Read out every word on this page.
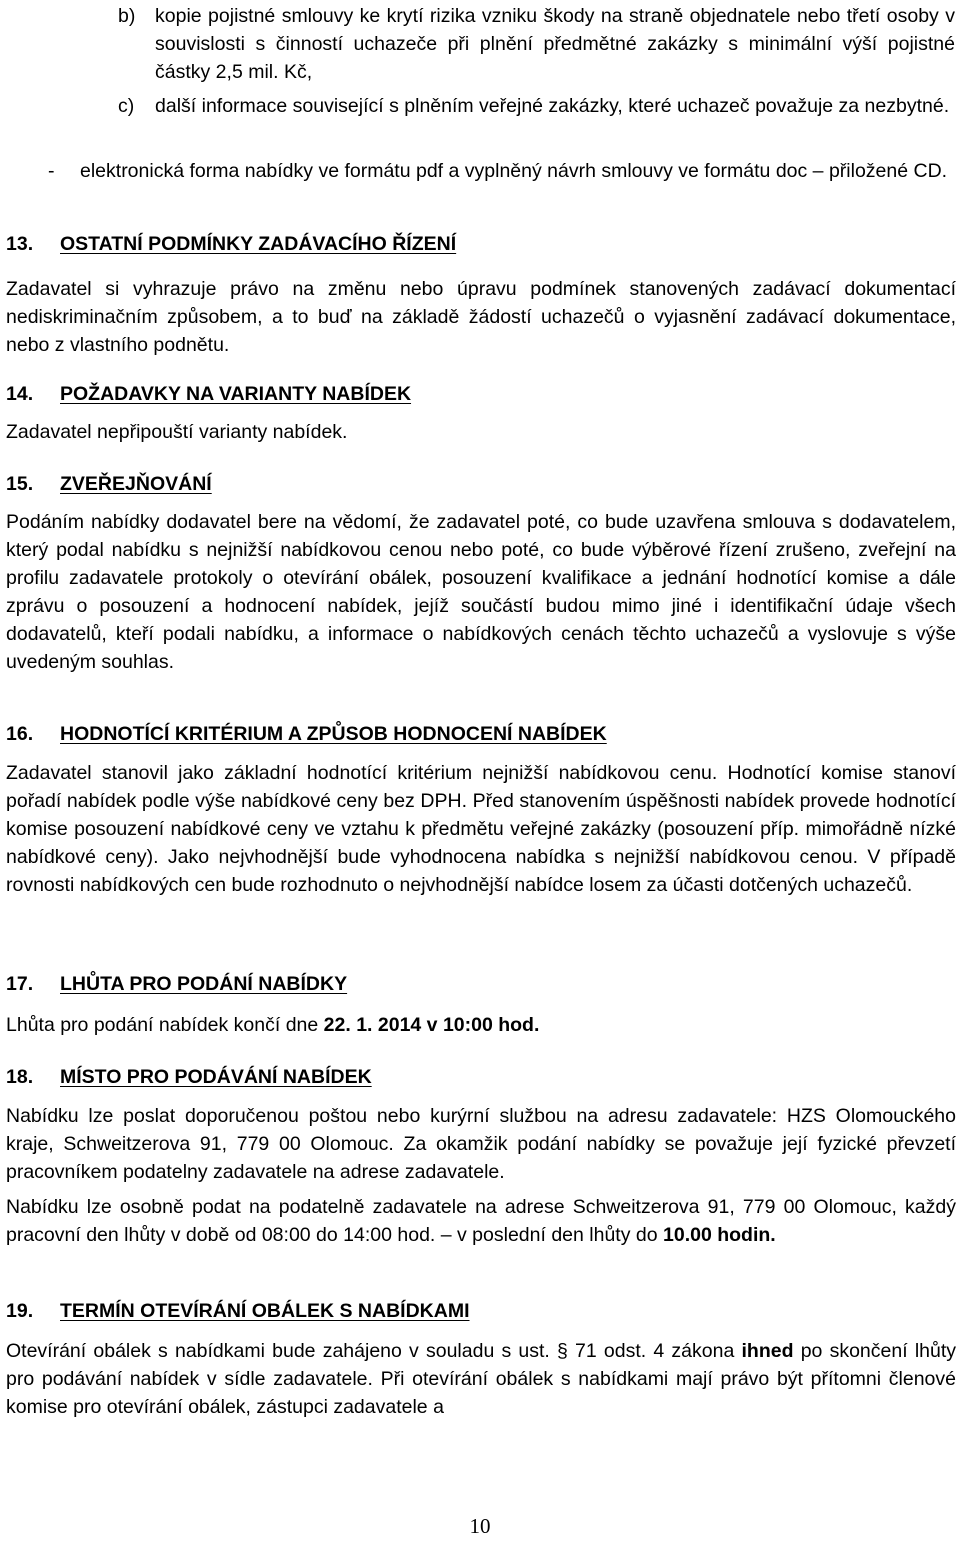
b) kopie pojistné smlouvy ke krytí rizika vzniku škody na straně objednatele nebo třetí osoby v souvislosti s činností uchazeče při plnění předmětné zakázky s minimální výší pojistné částky 2,5 mil. Kč,

c) další informace související s plněním veřejné zakázky, které uchazeč považuje za nezbytné.

- elektronická forma nabídky ve formátu pdf a vyplněný návrh smlouvy ve formátu doc – přiložené CD.

13. OSTATNÍ PODMÍNKY ZADÁVACÍHO ŘÍZENÍ

Zadavatel si vyhrazuje právo na změnu nebo úpravu podmínek stanovených zadávací dokumentací nediskriminačním způsobem, a to buď na základě žádostí uchazečů o vyjasnění zadávací dokumentace, nebo z vlastního podnětu.

14. POŽADAVKY NA VARIANTY NABÍDEK

Zadavatel nepřipouští varianty nabídek.

15. ZVEŘEJŇOVÁNÍ

Podáním nabídky dodavatel bere na vědomí, že zadavatel poté, co bude uzavřena smlouva s dodavatelem, který podal nabídku s nejnižší nabídkovou cenou nebo poté, co bude výběrové řízení zrušeno, zveřejní na profilu zadavatele protokoly o otevírání obálek, posouzení kvalifikace a jednání hodnotící komise a dále zprávu o posouzení a hodnocení nabídek, jejíž součástí budou mimo jiné i identifikační údaje všech dodavatelů, kteří podali nabídku, a informace o nabídkových cenách těchto uchazečů a vyslovuje s výše uvedeným souhlas.

16. HODNOTÍCÍ KRITÉRIUM A ZPŮSOB HODNOCENÍ NABÍDEK

Zadavatel stanovil jako základní hodnotící kritérium nejnižší nabídkovou cenu. Hodnotící komise stanoví pořadí nabídek podle výše nabídkové ceny bez DPH. Před stanovením úspěšnosti nabídek provede hodnotící komise posouzení nabídkové ceny ve vztahu k předmětu veřejné zakázky (posouzení příp. mimořádně nízké nabídkové ceny). Jako nejvhodnější bude vyhodnocena nabídka s nejnižší nabídkovou cenou. V případě rovnosti nabídkových cen bude rozhodnuto o nejvhodnější nabídce losem za účasti dotčených uchazečů.

17. LHŮTA PRO PODÁNÍ NABÍDKY

Lhůta pro podání nabídek končí dne 22. 1. 2014 v 10:00 hod.

18. MÍSTO PRO PODÁVÁNÍ NABÍDEK

Nabídku lze poslat doporučenou poštou nebo kurýrní službou na adresu zadavatele: HZS Olomouckého kraje, Schweitzerova 91, 779 00 Olomouc. Za okamžik podání nabídky se považuje její fyzické převzetí pracovníkem podatelny zadavatele na adrese zadavatele.

Nabídku lze osobně podat na podatelně zadavatele na adrese Schweitzerova 91, 779 00 Olomouc, každý pracovní den lhůty v době od 08:00 do 14:00 hod. – v poslední den lhůty do 10.00 hodin.

19. TERMÍN OTEVÍRÁNÍ OBÁLEK S NABÍDKAMI

Otevírání obálek s nabídkami bude zahájeno v souladu s ust. § 71 odst. 4 zákona ihned po skončení lhůty pro podávání nabídek v sídle zadavatele. Při otevírání obálek s nabídkami mají právo být přítomni členové komise pro otevírání obálek, zástupci zadavatele a

10
